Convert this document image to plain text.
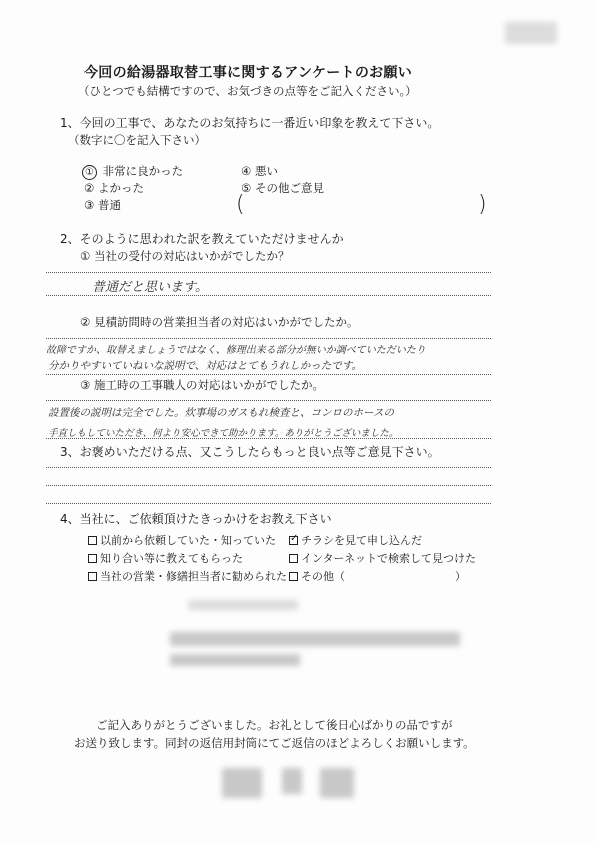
今回の給湯器取替工事に関するアンケートのお願い
（ひとつでも結構ですので、お気づきの点等をご記入ください。）
1、今回の工事で、あなたのお気持ちに一番近い印象を教えて下さい。
（数字に〇を記入下さい）
① 非常に良かった
② よかった
③ 普通
④ 悪い
⑤ その他ご意見
(	)
2、そのように思われた訳を教えていただけませんか
① 当社の受付の対応はいかがでしたか？
普通だと思います。
② 見積訪問時の営業担当者の対応はいかがでしたか。
故障ですか、取替えましょうではなく、修理出来る部分が無いか調べていただいたり
分かりやすいていねいな説明で、対応はとてもうれしかったです。
③ 施工時の工事職人の対応はいかがでしたか。
設置後の説明は完全でした。炊事場のガスもれ検査と、コンロのホースの
手直しもしていただき、何より安心できて助かります。ありがとうございました。
3、お褒めいただける点、又こうしたらもっと良い点等ご意見下さい。
4、当社に、ご依頼頂けたきっかけをお教え下さい
以前から依頼していた・知っていた
知り合い等に教えてもらった
当社の営業・修繕担当者に勧められた
✓チラシを見て申し込んだ
インターネットで検索して見つけた
その他（　　　　　　　　　　）
ご記入ありがとうございました。お礼として後日心ばかりの品ですが
お送り致します。同封の返信用封筒にてご返信のほどよろしくお願いします。
